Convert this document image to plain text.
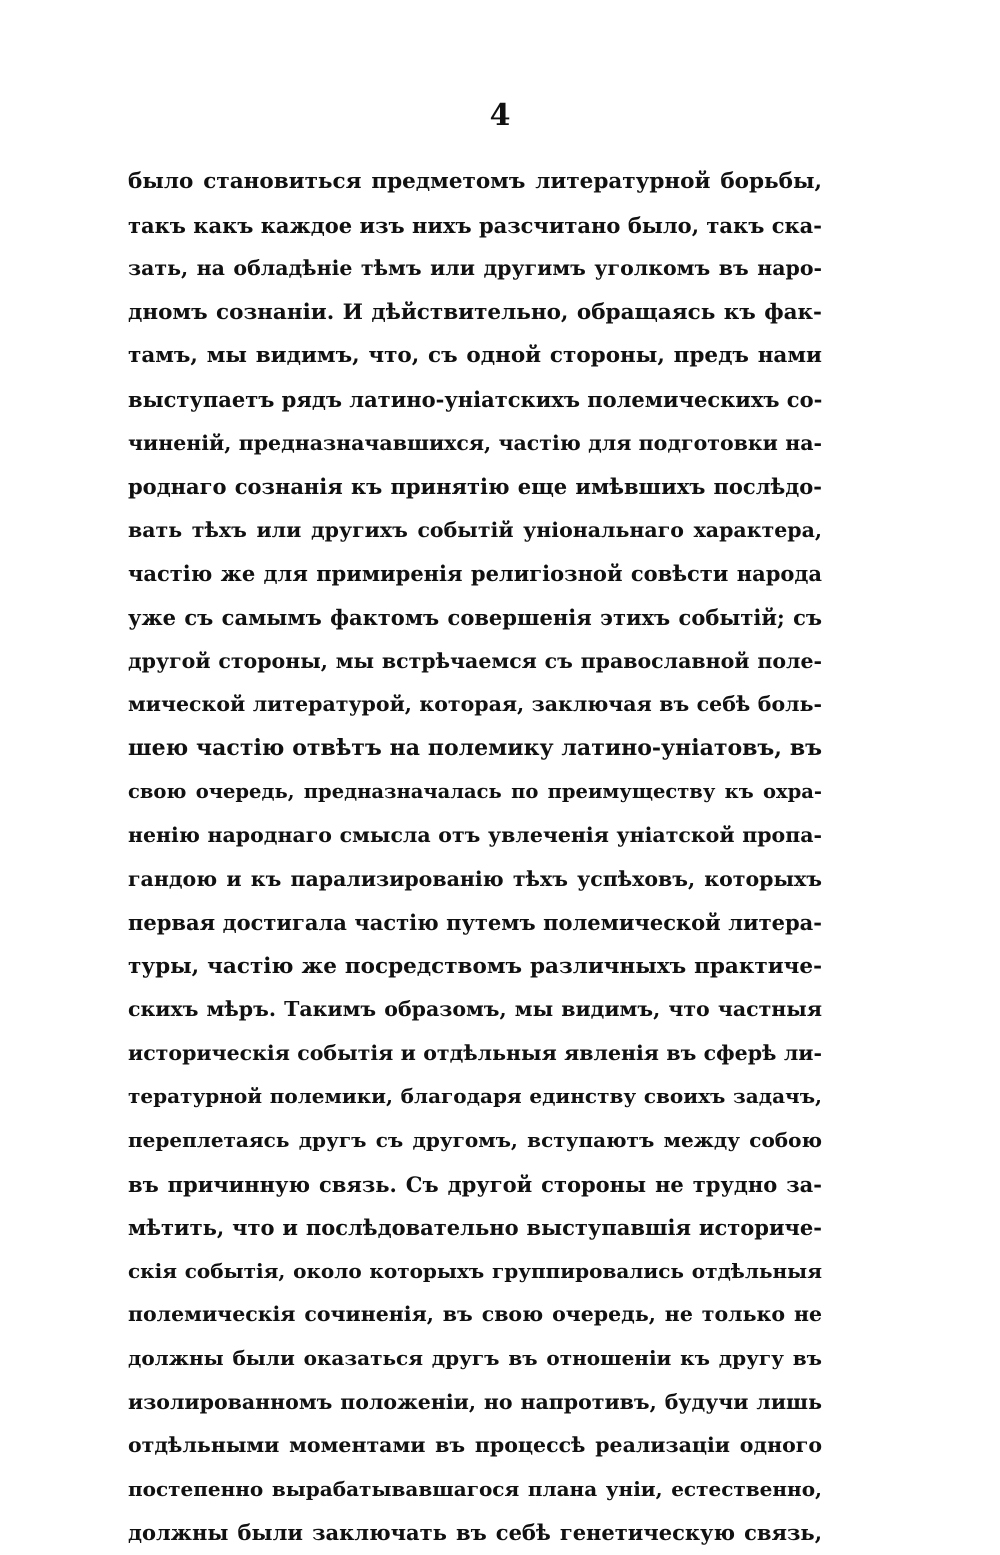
4
было становиться предметомъ литературной борьбы,
такъ какъ каждое изъ нихъ разсчитано было, такъ ска-
зать, на обладѣніе тѣмъ или другимъ уголкомъ въ наро-
дномъ сознаніи. И дѣйствительно, обращаясь къ фак-
тамъ, мы видимъ, что, съ одной стороны, предъ нами
выступаетъ рядъ латино-уніатскихъ полемическихъ со-
чиненій, предназначавшихся, частію для подготовки на-
роднаго сознанія къ принятію еще имѣвшихъ послѣдо-
вать тѣхъ или другихъ событій уніональнаго характера,
частію же для примиренія религіозной совѣсти народа
уже съ самымъ фактомъ совершенія этихъ событій; съ
другой стороны, мы встрѣчаемся съ православной поле-
мической литературой, которая, заключая въ себѣ боль-
шею частію отвѣтъ на полемику латино-уніатовъ, въ
свою очередь, предназначалась по преимуществу къ охра-
ненію народнаго смысла отъ увлеченія уніатской пропа-
гандою и къ парализированію тѣхъ успѣховъ, которыхъ
первая достигала частію путемъ полемической литера-
туры, частію же посредствомъ различныхъ практиче-
скихъ мѣръ. Такимъ образомъ, мы видимъ, что частныя
историческія событія и отдѣльныя явленія въ сферѣ ли-
тературной полемики, благодаря единству своихъ задачъ,
переплетаясь другъ съ другомъ, вступаютъ между собою
въ причинную связь. Съ другой стороны не трудно за-
мѣтить, что и послѣдовательно выступавшія историче-
скія событія, около которыхъ группировались отдѣльныя
полемическія сочиненія, въ свою очередь, не только не
должны были оказаться другъ въ отношеніи къ другу въ
изолированномъ положеніи, но напротивъ, будучи лишь
отдѣльными моментами въ процессѣ реализаціи одного
постепенно вырабатывавшагося плана уніи, естественно,
должны были заключать въ себѣ генетическую связь,
